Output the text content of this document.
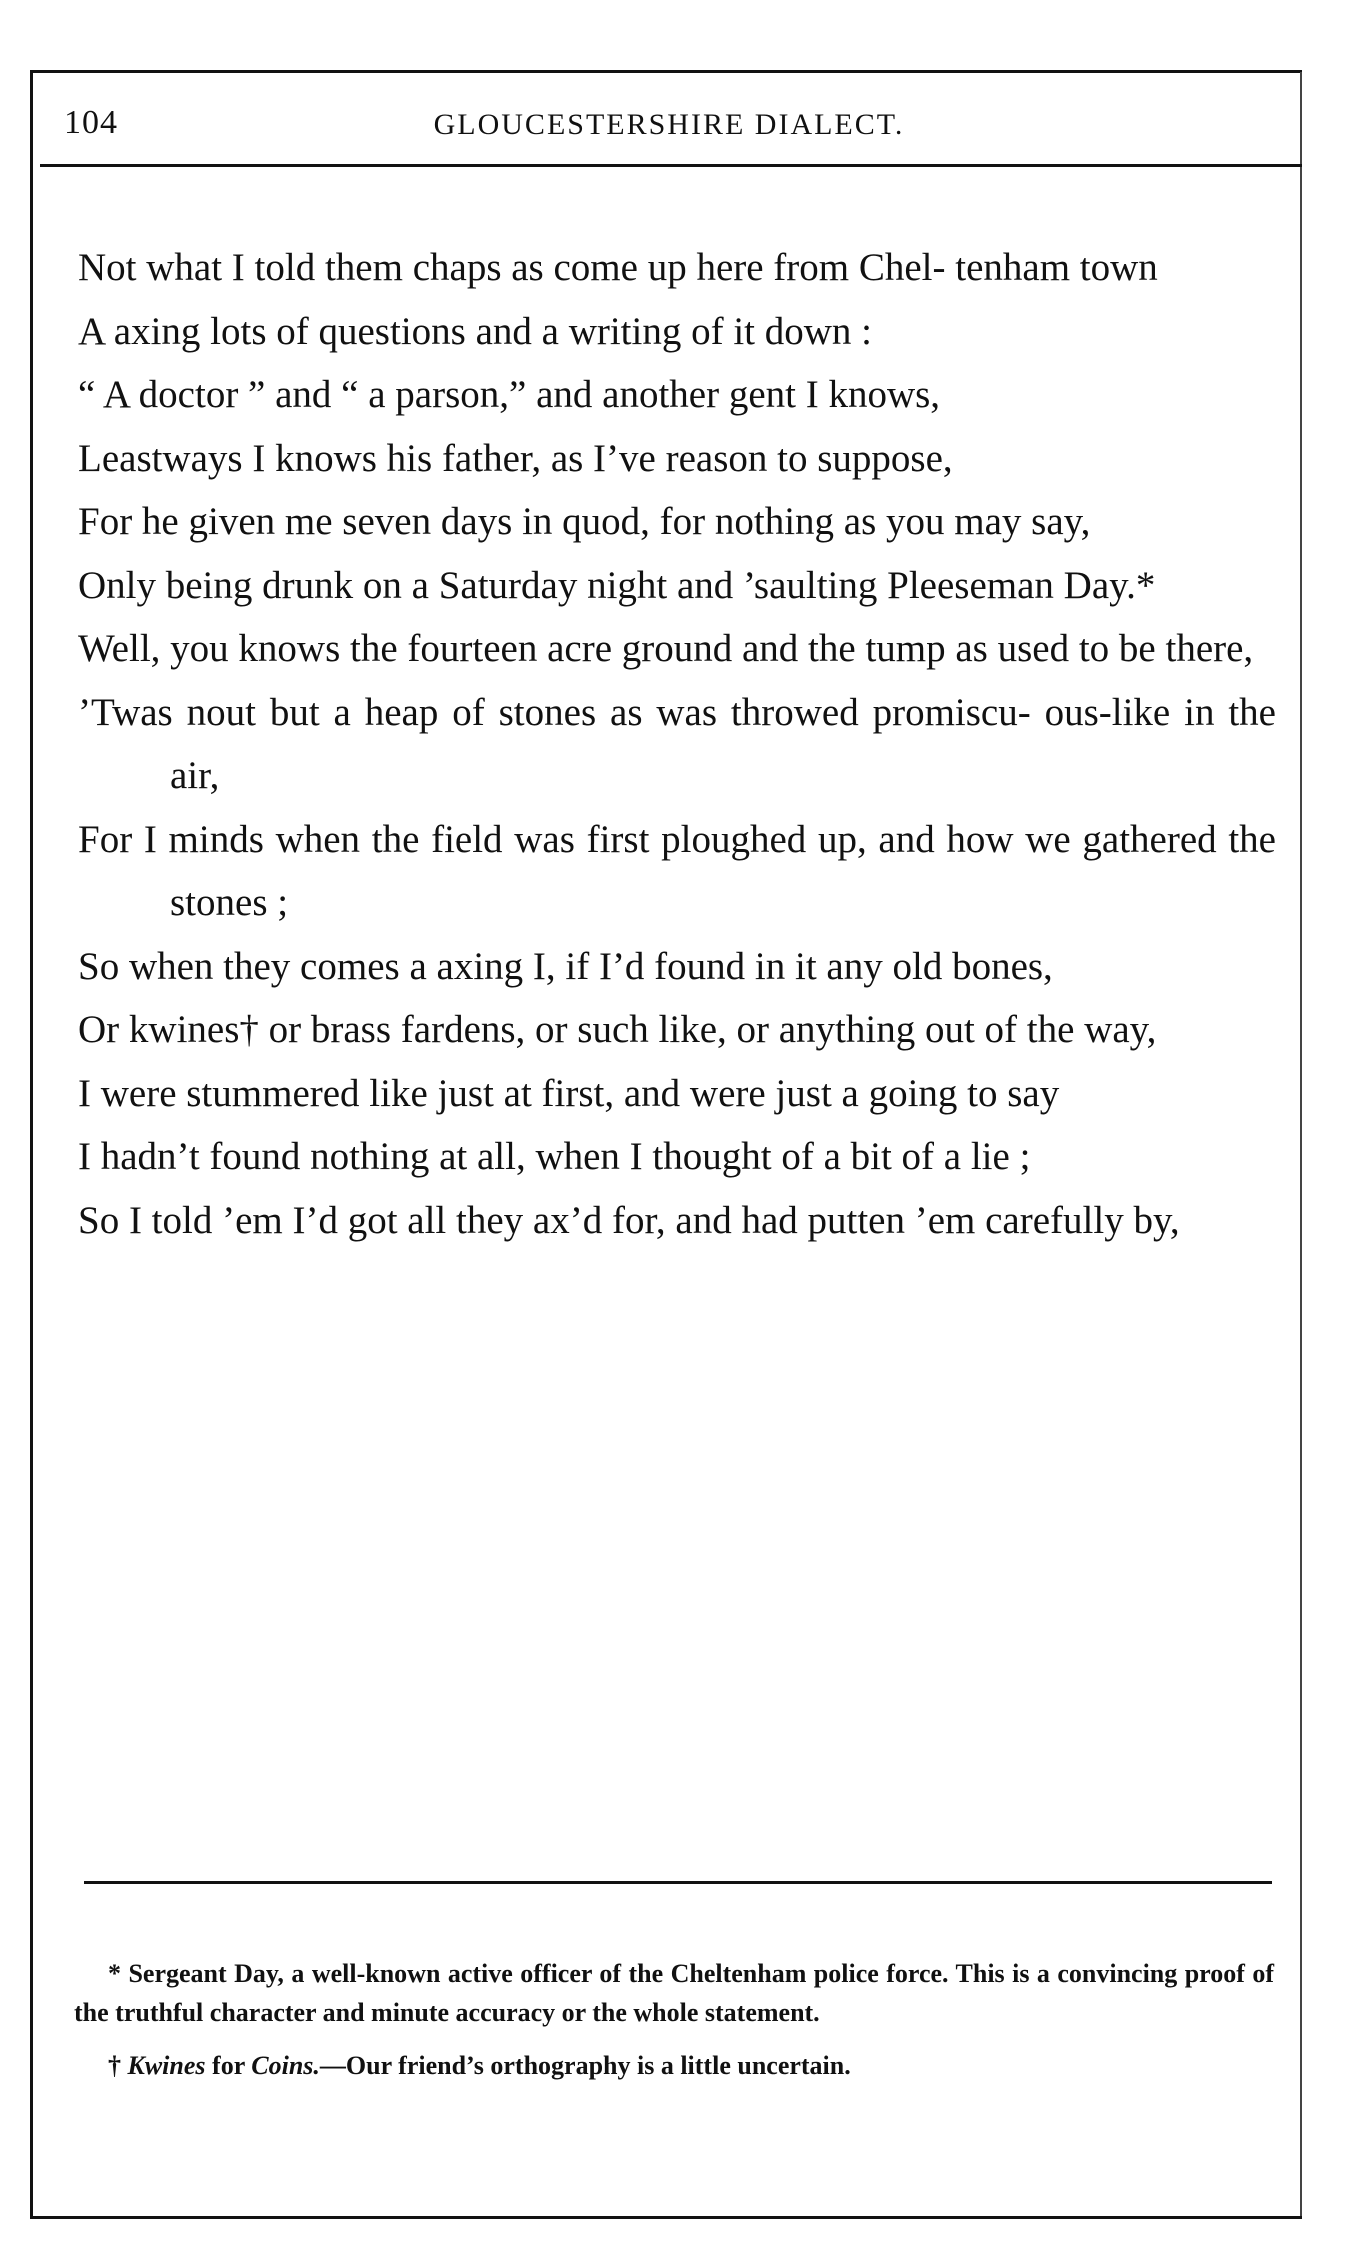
104	GLOUCESTERSHIRE DIALECT.
Not what I told them chaps as come up here from Chel- tenham town
A axing lots of questions and a writing of it down :
“ A doctor ” and “ a parson,” and another gent I knows,
Leastways I knows his father, as I’ve reason to suppose,
For he given me seven days in quod, for nothing as you may say,
Only being drunk on a Saturday night and ’saulting Pleeseman Day.*
Well, you knows the fourteen acre ground and the tump as used to be there,
’Twas nout but a heap of stones as was throwed promiscu- ous-like in the air,
For I minds when the field was first ploughed up, and how we gathered the stones ;
So when they comes a axing I, if I’d found in it any old bones,
Or kwines† or brass fardens, or such like, or anything out of the way,
I were stummered like just at first, and were just a going to say
I hadn’t found nothing at all, when I thought of a bit of a lie ;
So I told ’em I’d got all they ax’d for, and had putten ’em carefully by,
* Sergeant Day, a well-known active officer of the Cheltenham police force. This is a convincing proof of the truthful character and minute accuracy or the whole statement.
† Kwines for Coins.—Our friend’s orthography is a little uncertain.
